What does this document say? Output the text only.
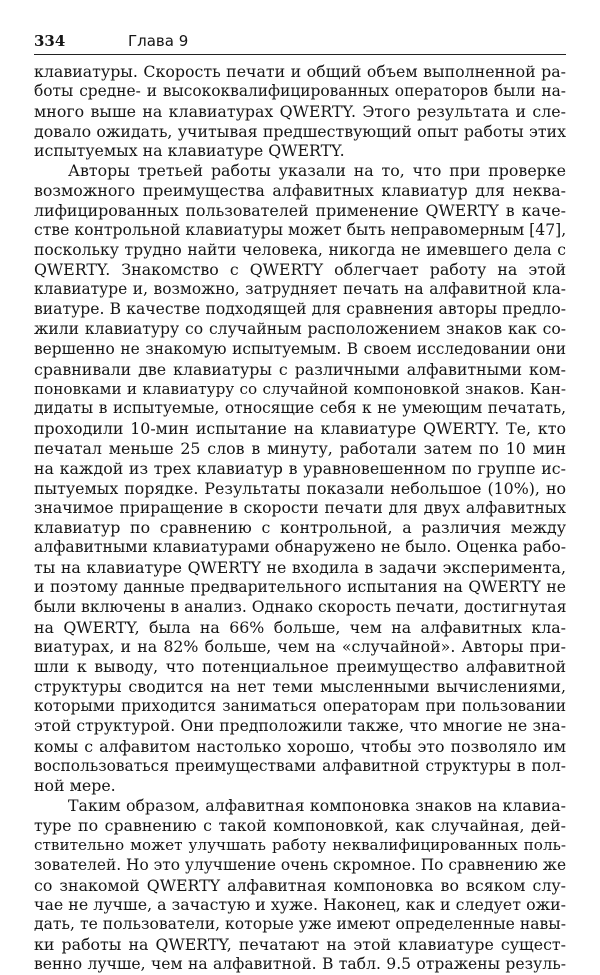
334	Глава 9
клавиатуры. Скорость печати и общий объем выполненной ра-
боты средне- и высококвалифицированных операторов были на-
много выше на клавиатурах QWERTY. Этого результата и сле-
довало ожидать, учитывая предшествующий опыт работы этих
испытуемых на клавиатуре QWERTY.
Авторы третьей работы указали на то, что при проверке
возможного преимущества алфавитных клавиатур для неква-
лифицированных пользователей применение QWERTY в каче-
стве контрольной клавиатуры может быть неправомерным [47],
поскольку трудно найти человека, никогда не имевшего дела с
QWERTY. Знакомство с QWERTY облегчает работу на этой
клавиатуре и, возможно, затрудняет печать на алфавитной кла-
виатуре. В качестве подходящей для сравнения авторы предло-
жили клавиатуру со случайным расположением знаков как со-
вершенно не знакомую испытуемым. В своем исследовании они
сравнивали две клавиатуры с различными алфавитными ком-
поновками и клавиатуру со случайной компоновкой знаков. Кан-
дидаты в испытуемые, относящие себя к не умеющим печатать,
проходили 10-мин испытание на клавиатуре QWERTY. Те, кто
печатал меньше 25 слов в минуту, работали затем по 10 мин
на каждой из трех клавиатур в уравновешенном по группе ис-
пытуемых порядке. Результаты показали небольшое (10%), но
значимое приращение в скорости печати для двух алфавитных
клавиатур по сравнению с контрольной, а различия между
алфавитными клавиатурами обнаружено не было. Оценка рабо-
ты на клавиатуре QWERTY не входила в задачи эксперимента,
и поэтому данные предварительного испытания на QWERTY не
были включены в анализ. Однако скорость печати, достигнутая
на QWERTY, была на 66% больше, чем на алфавитных кла-
виатурах, и на 82% больше, чем на «случайной». Авторы при-
шли к выводу, что потенциальное преимущество алфавитной
структуры сводится на нет теми мысленными вычислениями,
которыми приходится заниматься операторам при пользовании
этой структурой. Они предположили также, что многие не зна-
комы с алфавитом настолько хорошо, чтобы это позволяло им
воспользоваться преимуществами алфавитной структуры в пол-
ной мере.
Таким образом, алфавитная компоновка знаков на клавиа-
туре по сравнению с такой компоновкой, как случайная, дей-
ствительно может улучшать работу неквалифицированных поль-
зователей. Но это улучшение очень скромное. По сравнению же
со знакомой QWERTY алфавитная компоновка во всяком слу-
чае не лучше, а зачастую и хуже. Наконец, как и следует ожи-
дать, те пользователи, которые уже имеют определенные навы-
ки работы на QWERTY, печатают на этой клавиатуре сущест-
венно лучше, чем на алфавитной. В табл. 9.5 отражены резуль-
